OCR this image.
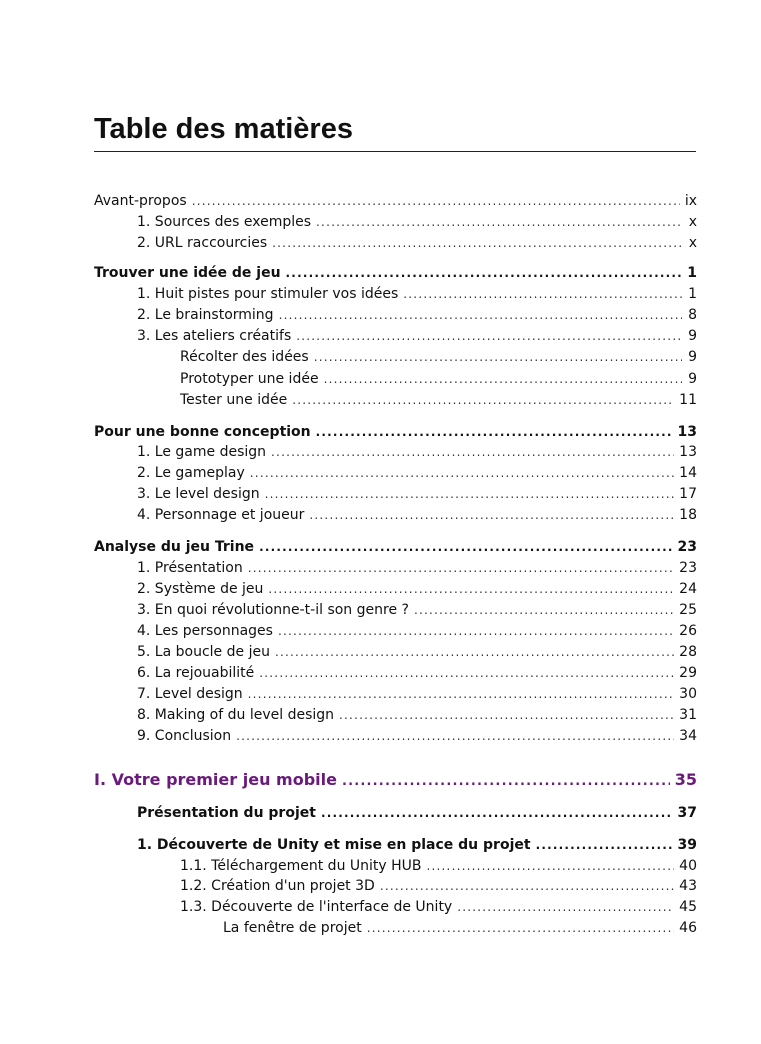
Table des matières
Avant-propos .....	ix
1. Sources des exemples .....	x
2. URL raccourcies .....	x
Trouver une idée de jeu .....	1
1. Huit pistes pour stimuler vos idées .....	1
2. Le brainstorming .....	8
3. Les ateliers créatifs .....	9
Récolter des idées .....	9
Prototyper une idée .....	9
Tester une idée .....	11
Pour une bonne conception .....	13
1. Le game design .....	13
2. Le gameplay .....	14
3. Le level design .....	17
4. Personnage et joueur .....	18
Analyse du jeu Trine .....	23
1. Présentation .....	23
2. Système de jeu .....	24
3. En quoi révolutionne-t-il son genre ? .....	25
4. Les personnages .....	26
5. La boucle de jeu .....	28
6. La rejouabilité .....	29
7. Level design .....	30
8. Making of du level design .....	31
9. Conclusion .....	34
I. Votre premier jeu mobile .....	35
Présentation du projet .....	37
1. Découverte de Unity et mise en place du projet .....	39
1.1. Téléchargement du Unity HUB .....	40
1.2. Création d'un projet 3D .....	43
1.3. Découverte de l'interface de Unity .....	45
La fenêtre de projet .....	46
